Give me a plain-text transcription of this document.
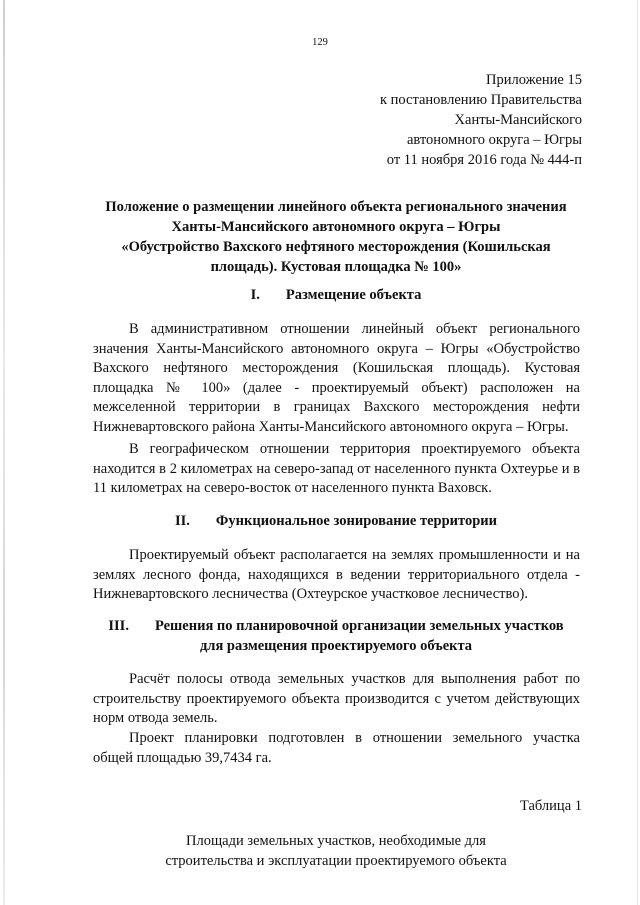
129
Приложение 15
к постановлению Правительства
Ханты-Мансийского
автономного округа – Югры
от 11 ноября 2016 года № 444-п
Положение о размещении линейного объекта регионального значения
Ханты-Мансийского автономного округа – Югры
«Обустройство Вахского нефтяного месторождения (Кошильская
площадь). Кустовая площадка № 100»
I. Размещение объекта
В административном отношении линейный объект регионального значения Ханты-Мансийского автономного округа – Югры «Обустройство Вахского нефтяного месторождения (Кошильская площадь). Кустовая площадка № 100» (далее - проектируемый объект) расположен на межселенной территории в границах Вахского месторождения нефти Нижневартовского района Ханты-Мансийского автономного округа – Югры.
В географическом отношении территория проектируемого объекта находится в 2 километрах на северо-запад от населенного пункта Охтеурье и в 11 километрах на северо-восток от населенного пункта Ваховск.
II. Функциональное зонирование территории
Проектируемый объект располагается на землях промышленности и на землях лесного фонда, находящихся в ведении территориального отдела - Нижневартовского лесничества (Охтеурское участковое лесничество).
III. Решения по планировочной организации земельных участков
для размещения проектируемого объекта
Расчёт полосы отвода земельных участков для выполнения работ по строительству проектируемого объекта производится с учетом действующих норм отвода земель.
Проект планировки подготовлен в отношении земельного участка общей площадью 39,7434 га.
Таблица 1
Площади земельных участков, необходимые для
строительства и эксплуатации проектируемого объекта
